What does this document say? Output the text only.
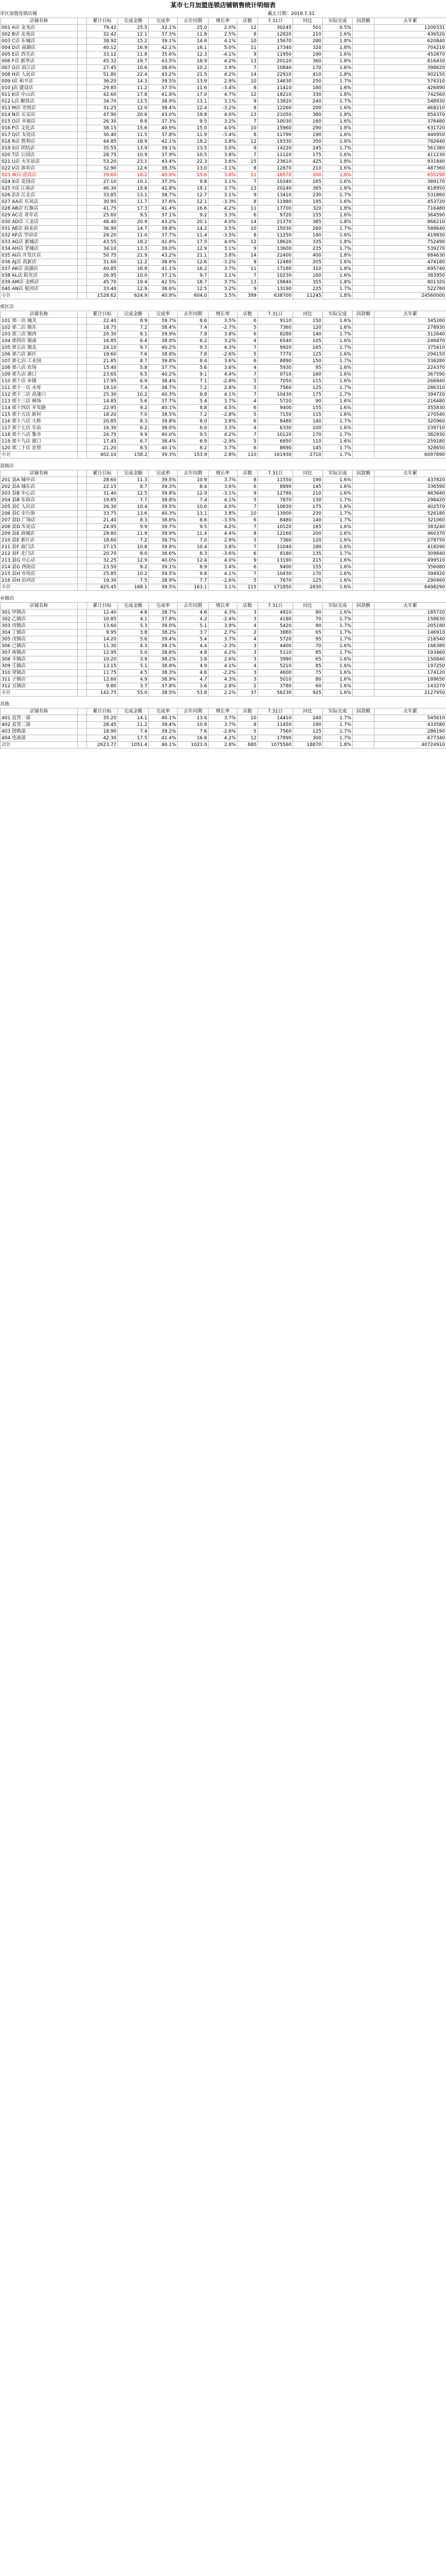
某市七月加盟连锁店铺销售统计明细表
市区加盟连锁店铺	截止日期：2019.7.31
店铺名称		累计目标	完成金额	完成率	去年同期	增长率	店数	7.31日	同比	实际完成	回款额	去年累
001 A店 金龙店		79.42	25.5	32.1%	25.0	2.0%	12	30245	501	0.5%		1200331
002 B店 北苑店		32.42	12.1	37.3%	11.8	2.5%	8	12820	210	1.6%		436520
003 C店 东城店		38.92	15.2	39.1%	14.6	4.1%	10	15670	280	1.8%		620840
004 D店 南湖店		40.12	16.9	42.1%	16.1	5.0%	11	17340	320	1.8%		704210
005 E店 西关店		33.12	11.8	35.6%	12.3	-4.1%	9	11950	190	1.6%		452870
006 F店 新华店		45.32	19.7	43.5%	18.9	4.2%	13	20120	360	1.8%		816430
007 G店 滨江店		27.45	10.6	38.6%	10.2	3.9%	7	10840	170	1.6%		398620
008 H店 人民店		51.80	22.4	43.2%	21.5	4.2%	14	22910	410	1.8%		902150
009 I店 和平店		36.20	14.3	39.5%	13.9	2.9%	10	14630	250	1.7%		574310
010 J店 建设店		29.85	11.2	37.5%	11.6	-3.4%	8	11410	180	1.6%		426890
011 K店 中山店		42.60	17.8	41.8%	17.0	4.7%	12	18210	330	1.8%		742560
012 L店 解放店		34.70	13.5	38.9%	13.1	3.1%	9	13820	240	1.7%		548930
013 M店 光明店		31.25	12.0	38.4%	12.4	-3.2%	8	12260	200	1.6%		468210
014 N店 长安店		47.90	20.6	43.0%	19.8	4.0%	13	21050	380	1.8%		854370
015 O店 幸福店		26.30	9.8	37.3%	9.5	3.2%	7	10030	160	1.6%		376480
016 P店 文化店		38.15	15.6	40.9%	15.0	4.0%	10	15960	290	1.8%		631720
017 Q店 友谊店		30.40	11.5	37.8%	11.9	-3.4%	8	11790	190	1.6%		446950
018 R店 胜利店		44.85	18.9	42.1%	18.2	3.8%	12	19330	350	1.8%		782640
019 S店 团结店		35.55	13.9	39.1%	13.5	3.0%	9	14220	245	1.7%		561380
020 T店 公园店		28.75	10.9	37.9%	10.5	3.8%	7	11120	175	1.6%		411230
021 U店 火车站店		53.20	23.1	43.4%	22.3	3.6%	15	23610	425	1.8%		931840
022 V店 体育店		32.90	12.6	38.3%	13.0	-3.1%	8	12870	210	1.6%		487360
023 W店 迎宾店		39.60	16.2	40.9%	15.6	3.8%	11	16570	300	1.8%		655290
024 X店 花园店		27.10	10.1	37.3%	9.8	3.1%	7	10340	165	1.6%		389170
025 Y店 江南店		46.30	19.8	42.8%	19.1	3.7%	13	20240	365	1.8%		818950
026 Z店 江北店		33.85	13.1	38.7%	12.7	3.1%	9	13410	230	1.7%		531860
027 AA店 东风店		30.95	11.7	37.8%	12.1	-3.3%	8	11980	195	1.6%		453720
028 AB店 红旗店		41.75	17.3	41.4%	16.6	4.2%	11	17700	320	1.8%		716480
029 AC店 青年店		25.60	9.5	37.1%	9.2	3.3%	6	9720	155	1.6%		364590
030 AD店 工业店		48.40	20.9	43.2%	20.1	4.0%	14	21370	385	1.8%		866210
031 AE店 商业店		36.90	14.7	39.8%	14.2	3.5%	10	15030	260	1.7%		588640
032 AF店 学府店		29.20	11.0	37.7%	11.4	-3.5%	8	11250	180	1.6%		419830
033 AG店 新城店		43.55	18.2	41.8%	17.5	4.0%	12	18620	335	1.8%		752490
034 AH店 老城店		34.10	13.3	39.0%	12.9	3.1%	9	13600	235	1.7%		539270
035 AI店 开发区店		50.75	21.9	43.2%	21.1	3.8%	14	22400	400	1.8%		884630
036 AJ店 高新店		31.60	12.2	38.6%	12.6	-3.2%	8	12480	205	1.6%		474180
037 AK店 滨湖店		40.85	16.8	41.1%	16.2	3.7%	11	17180	310	1.8%		695740
038 AL店 阳光店		26.95	10.0	37.1%	9.7	3.1%	7	10230	160	1.6%		383950
039 AM店 金桥店		45.70	19.4	42.5%	18.7	3.7%	13	19840	355	1.8%		801320
040 AN店 银河店		33.40	12.9	38.6%	12.5	3.2%	9	13190	225	1.7%		522780
小计		1528.62	624.9	40.9%	604.0	3.5%	399	638700	11245	1.8%		24560000
郊区店
店铺名称		累计目标	完成金额	完成率	去年同期	增长率	店数	7.31日	同比	实际完成	回款额	去年累
101 郊一店 城关		22.40	8.9	39.7%	8.6	3.5%	6	9110	150	1.6%		345260
102 郊二店 镇东		18.75	7.2	38.4%	7.4	-2.7%	5	7360	120	1.6%		278930
103 郊三店 镇西		20.30	8.1	39.9%	7.8	3.8%	6	8280	140	1.7%		312640
104 郊四店 镇南		16.85	6.4	38.0%	6.2	3.2%	4	6540	105	1.6%		246870
105 郊五店 镇北		24.10	9.7	40.2%	9.3	4.3%	7	9920	165	1.7%		375410
106 郊六店 新区		19.60	7.6	38.8%	7.8	-2.6%	5	7770	125	1.6%		294150
107 郊七店 工业园		21.85	8.7	39.8%	8.4	3.6%	6	8890	150	1.7%		336280
108 郊八店 农场		15.40	5.8	37.7%	5.6	3.6%	4	5930	95	1.6%		224370
109 郊九店 港口		23.65	9.5	40.2%	9.1	4.4%	7	9710	160	1.6%		367590
110 郊十店 乡镇		17.95	6.9	38.4%	7.1	-2.8%	5	7050	115	1.6%		266840
111 郊十一店 水库		19.10	7.4	38.7%	7.2	2.8%	5	7560	125	1.7%		286310
112 郊十二店 高速口		25.30	10.2	40.3%	9.8	4.1%	7	10430	175	1.7%		394720
113 郊十三店 林场		14.85	5.6	37.7%	5.4	3.7%	4	5720	90	1.6%		216480
114 郊十四店 开发路		22.95	9.2	40.1%	8.8	4.5%	6	9400	155	1.6%		355830
115 郊十五店 新村		18.20	7.0	38.5%	7.2	-2.8%	5	7150	115	1.6%		270540
116 郊十六店 大桥		20.85	8.3	39.8%	8.0	3.8%	6	8480	140	1.7%		320960
117 郊十七店 车站		16.30	6.2	38.0%	6.0	3.3%	4	6330	100	1.6%		239710
118 郊十八店 集市		24.75	9.9	40.0%	9.5	4.2%	7	10120	170	1.7%		382930
119 郊十九店 渡口		17.45	6.7	38.4%	6.9	-2.9%	5	6850	110	1.6%		259180
120 郊二十店 农贸		21.20	8.5	40.1%	8.2	3.7%	6	8690	145	1.7%		328650
小计		402.10	158.2	39.3%	153.9	2.8%	110	161930	2710	1.7%		6097890
县级店
店铺名称		累计目标	完成金额	完成率	去年同期	增长率	店数	7.31日	同比	实际完成	回款额	去年累
201 县A 城中店		28.60	11.3	39.5%	10.9	3.7%	8	11550	190	1.6%		437820
202 县A 城东店		22.15	8.7	39.3%	8.4	3.6%	6	8890	145	1.6%		336590
203 县B 中心店		31.40	12.5	39.8%	12.9	-3.1%	9	12780	210	1.6%		483640
204 县B 东街店		19.85	7.7	38.8%	7.4	4.1%	5	7870	130	1.7%		298420
205 县C 人民店		26.30	10.4	39.5%	10.0	4.0%	7	10630	175	1.6%		402570
206 县C 步行街		33.75	13.6	40.3%	13.1	3.8%	10	13900	230	1.7%		526180
207 县D 广场店		21.40	8.3	38.8%	8.6	-3.5%	6	8480	140	1.7%		321060
208 县D 车站店		24.95	9.9	39.7%	9.5	4.2%	7	10120	165	1.6%		383240
209 县E 商城店		29.80	11.9	39.9%	11.4	4.4%	8	12160	200	1.6%		460370
210 县E 新区店		18.60	7.2	38.7%	7.0	2.9%	5	7360	120	1.6%		278750
211 县F 南门店		27.15	10.8	39.8%	10.4	3.8%	7	11040	180	1.6%		418290
212 县F 北门店		20.70	8.0	38.6%	8.3	-3.6%	6	8180	135	1.7%		309840
213 县G 中心店		32.25	12.9	40.0%	12.4	4.0%	9	13190	215	1.6%		499510
214 县G 西街店		23.50	9.2	39.1%	8.9	3.4%	6	9400	155	1.6%		356080
215 县H 市场店		25.85	10.2	39.5%	9.8	4.1%	7	10430	170	1.6%		394920
216 县H 沿河店		19.30	7.5	38.9%	7.7	-2.6%	5	7670	125	1.6%		290460
小计		425.45	168.1	39.5%	163.1	3.1%	115	171850	2830	1.6%		6498290
乡镇店
店铺名称		累计目标	完成金额	完成率	去年同期	增长率	店数	7.31日	同比	实际完成	回款额	去年累
301 甲镇店		12.40	4.8	38.7%	4.6	4.3%	3	4910	80	1.6%		185720
302 乙镇店		10.85	4.1	37.8%	4.2	-2.4%	3	4190	70	1.7%		158630
303 丙镇店		13.60	5.3	39.0%	5.1	3.9%	4	5420	90	1.7%		205180
304 丁镇店		9.95	3.8	38.2%	3.7	2.7%	2	3880	65	1.7%		146910
305 戊镇店		14.20	5.6	39.4%	5.4	3.7%	4	5720	95	1.7%		216540
306 己镇店		11.30	4.3	38.1%	4.4	-2.3%	3	4400	70	1.6%		166380
307 庚镇店		12.95	5.0	38.6%	4.8	4.2%	3	5110	85	1.7%		193460
308 辛镇店		10.20	3.9	38.2%	3.8	2.6%	3	3990	65	1.6%		150840
309 壬镇店		13.15	5.1	38.8%	4.9	4.1%	4	5210	85	1.6%		197250
310 癸镇店		11.75	4.5	38.3%	4.6	-2.2%	3	4600	75	1.6%		174120
311 子镇店		12.60	4.9	38.9%	4.7	4.3%	3	5010	80	1.6%		189650
312 丑镇店		9.80	3.7	37.8%	3.6	2.8%	2	3780	60	1.6%		143270
小计		142.75	55.0	38.5%	53.8	2.2%	37	56230	925	1.6%		2127950
其他
店铺名称		累计目标	完成金额	完成率	去年同期	增长率	店数	7.31日	同比	实际完成	回款额	去年累
401 直营一部		35.20	14.1	40.1%	13.6	3.7%	10	14410	240	1.7%		545610
402 直营二部		28.45	11.2	39.4%	10.8	3.7%	8	11450	190	1.7%		433580
403 团购部		18.90	7.4	39.2%	7.6	-2.6%	5	7560	125	1.7%		286190
404 电商部		42.30	17.5	41.4%	16.8	4.2%	12	17890	300	1.7%		677340
合计		2623.77	1051.4	40.1%	1023.0	2.8%	680	1075560	18870	1.8%		40724910
